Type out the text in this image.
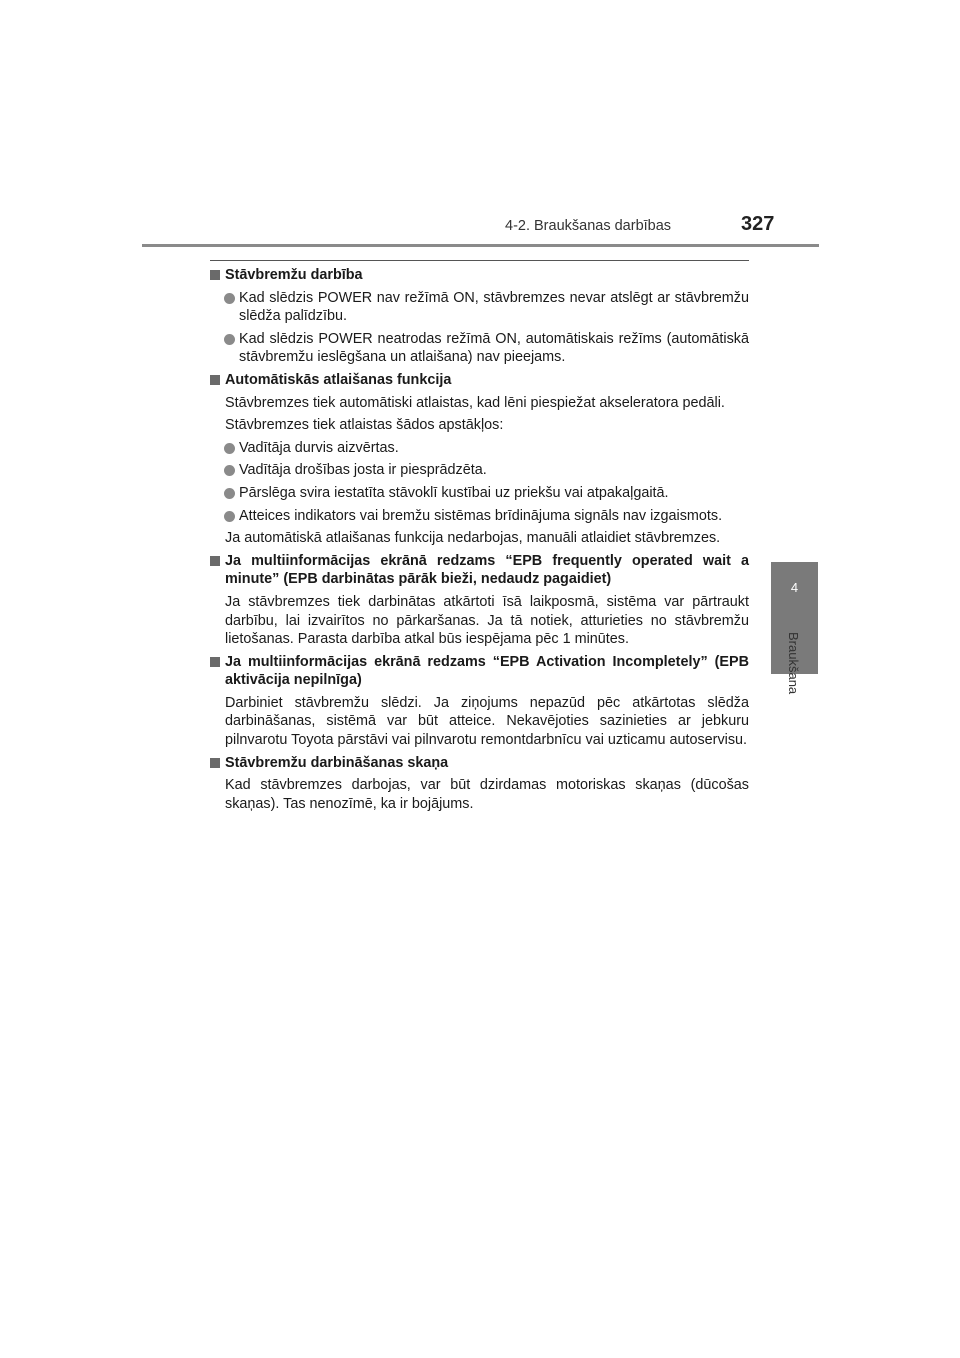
4-2. Braukšanas darbības	327
4
Braukšana
Stāvbremžu darbība
Kad slēdzis POWER nav režīmā ON, stāvbremzes nevar atslēgt ar stāvbremžu slēdža palīdzību.
Kad slēdzis POWER neatrodas režīmā ON, automātiskais režīms (automātiskā stāvbremžu ieslēgšana un atlaišana) nav pieejams.
Automātiskās atlaišanas funkcija
Stāvbremzes tiek automātiski atlaistas, kad lēni piespiežat akseleratora pedāli.
Stāvbremzes tiek atlaistas šādos apstākļos:
Vadītāja durvis aizvērtas.
Vadītāja drošības josta ir piesprādzēta.
Pārslēga svira iestatīta stāvoklī kustībai uz priekšu vai atpakaļgaitā.
Atteices indikators vai bremžu sistēmas brīdinājuma signāls nav izgaismots.
Ja automātiskā atlaišanas funkcija nedarbojas, manuāli atlaidiet stāvbremzes.
Ja multiinformācijas ekrānā redzams “EPB frequently operated wait a minute” (EPB darbinātas pārāk bieži, nedaudz pagaidiet)
Ja stāvbremzes tiek darbinātas atkārtoti īsā laikposmā, sistēma var pārtraukt darbību, lai izvairītos no pārkaršanas. Ja tā notiek, atturieties no stāvbremžu lietošanas. Parasta darbība atkal būs iespējama pēc 1 minūtes.
Ja multiinformācijas ekrānā redzams “EPB Activation Incompletely” (EPB aktivācija nepilnīga)
Darbiniet stāvbremžu slēdzi. Ja ziņojums nepazūd pēc atkārtotas slēdža darbināšanas, sistēmā var būt atteice. Nekavējoties sazinieties ar jebkuru pilnvarotu Toyota pārstāvi vai pilnvarotu remontdarbnīcu vai uzticamu autoservisu.
Stāvbremžu darbināšanas skaņa
Kad stāvbremzes darbojas, var būt dzirdamas motoriskas skaņas (dūcošas skaņas). Tas nenozīmē, ka ir bojājums.
